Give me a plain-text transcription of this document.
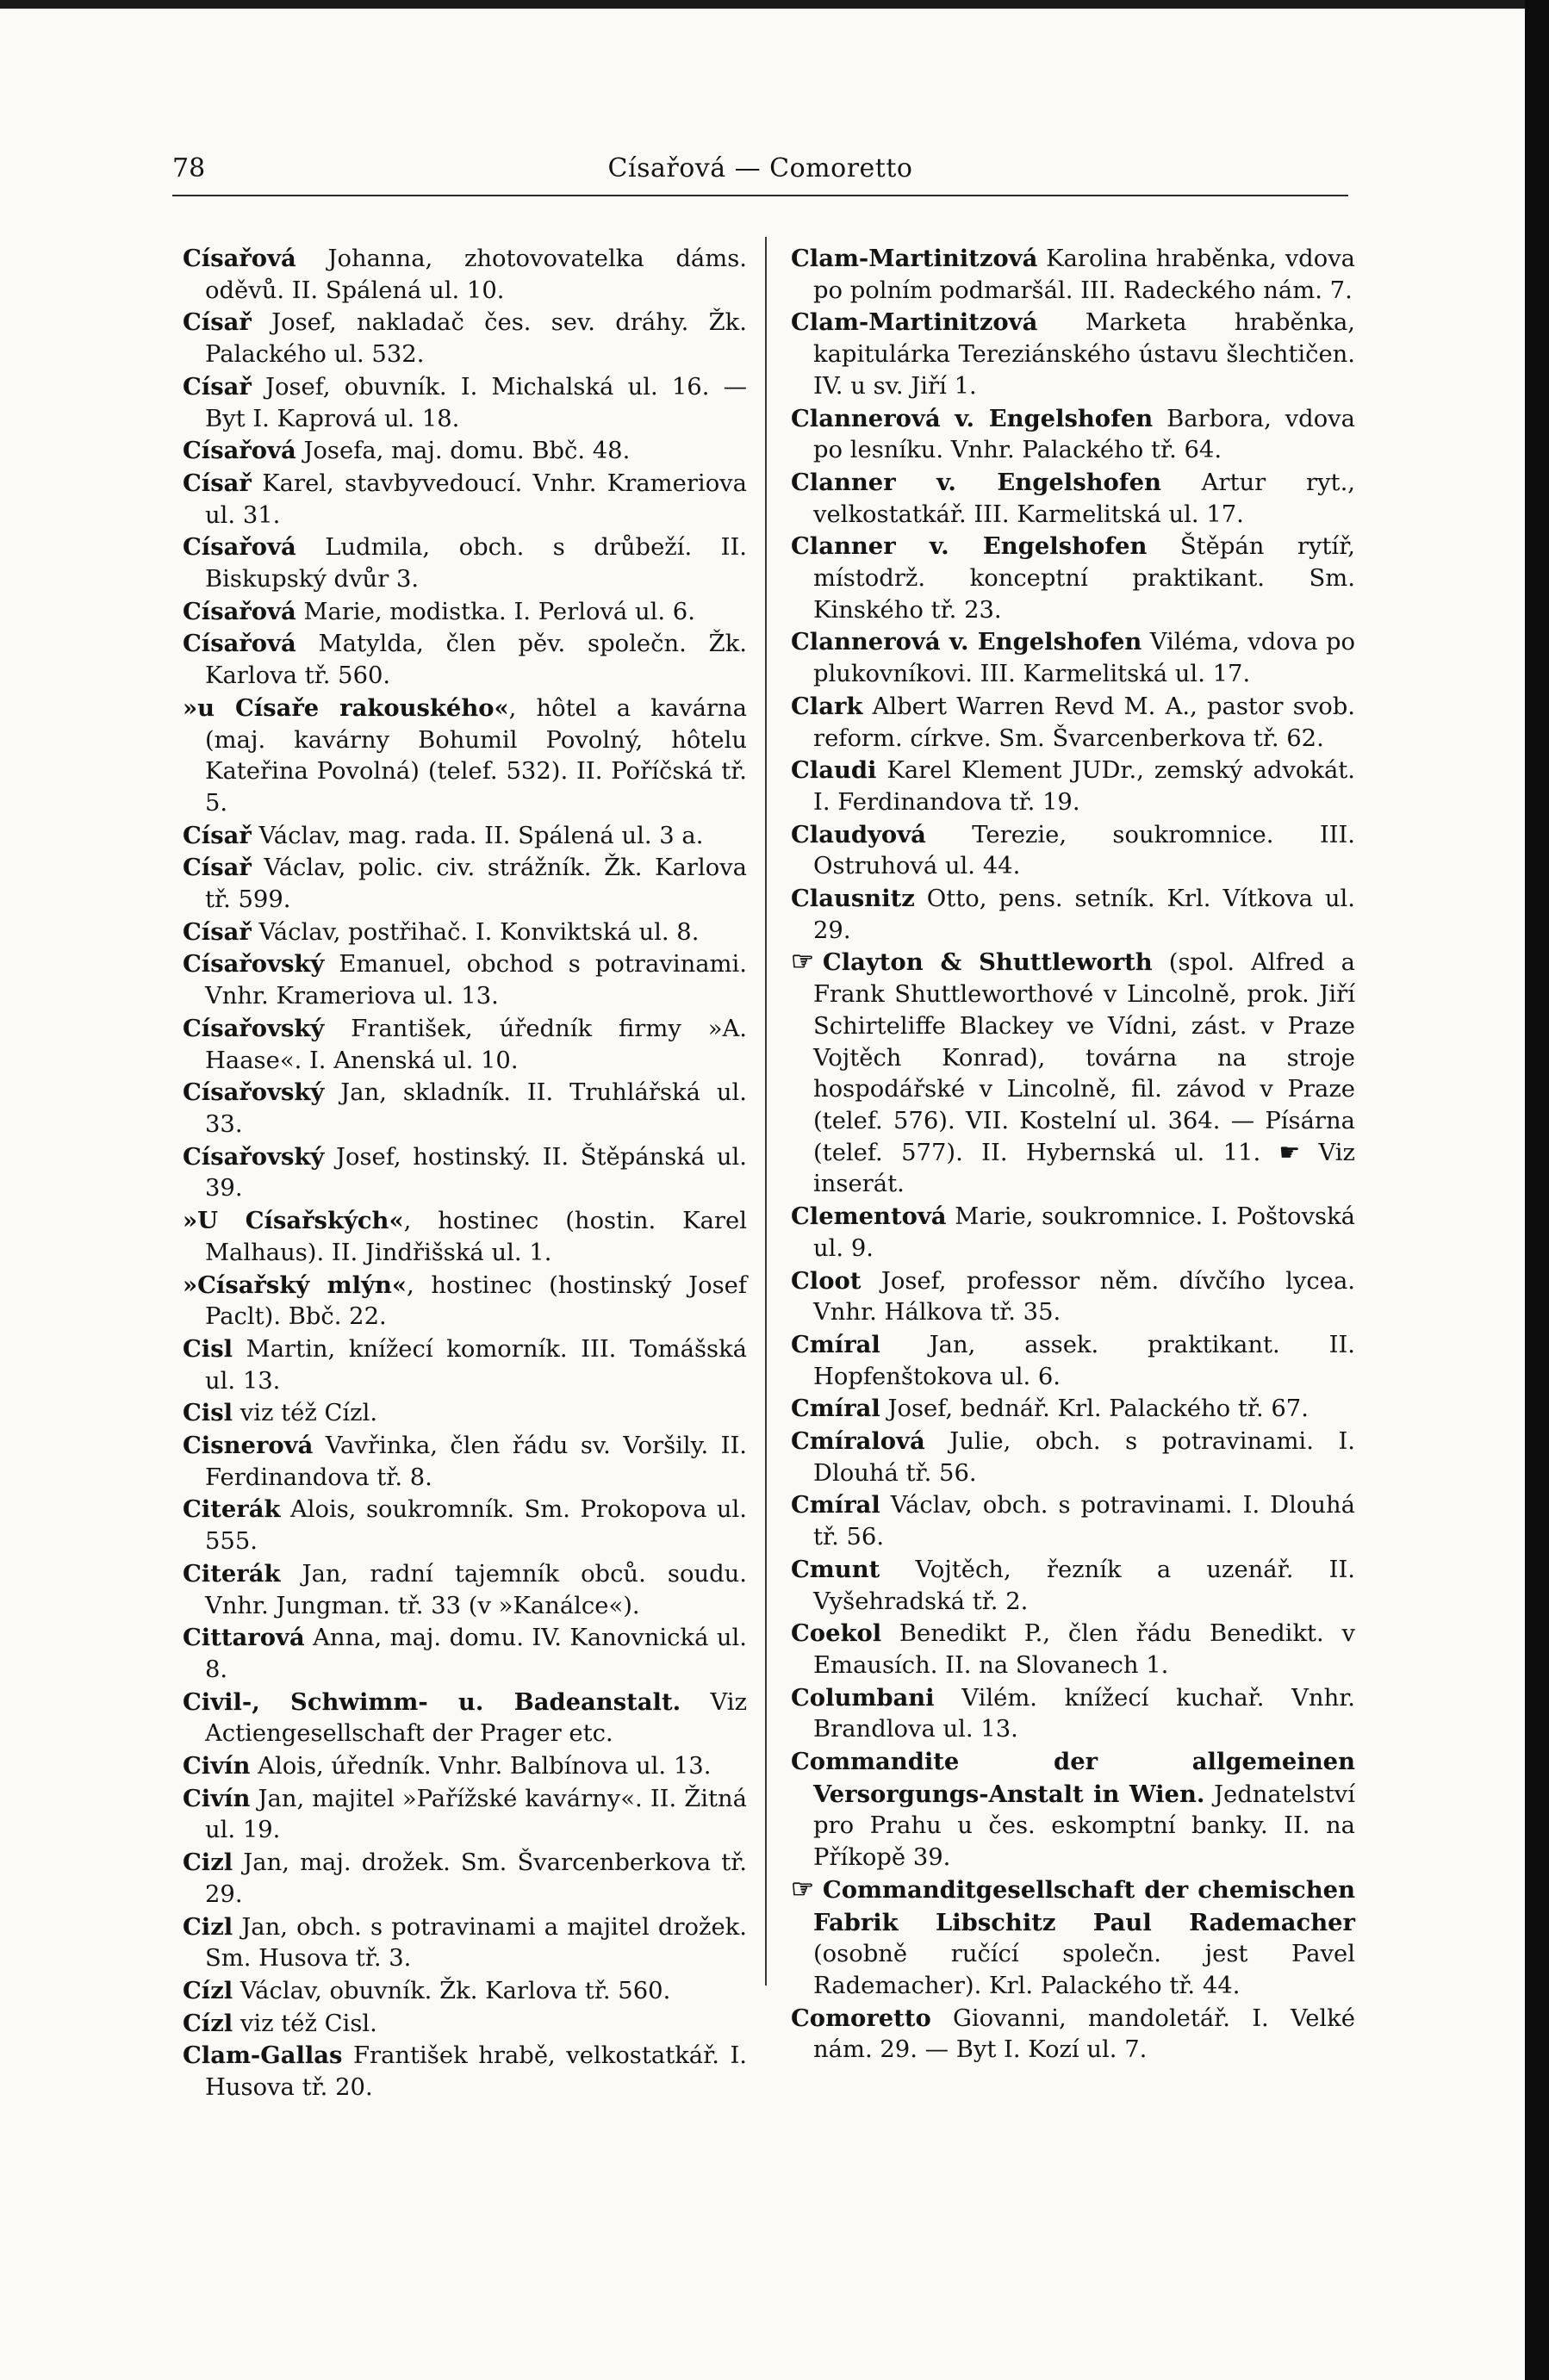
78	Císařová — Comoretto

Císařová Johanna, zhotovovatelka dáms. oděvů. II. Spálená ul. 10.

Císař Josef, nakladač čes. sev. dráhy. Žk. Palackého ul. 532.

Císař Josef, obuvník. I. Michalská ul. 16. — Byt I. Kaprová ul. 18.

Císařová Josefa, maj. domu. Bbč. 48.

Císař Karel, stavbyvedoucí. Vnhr. Krameriova ul. 31.

Císařová Ludmila, obch. s drůbeží. II. Biskupský dvůr 3.

Císařová Marie, modistka. I. Perlová ul. 6.

Císařová Matylda, člen pěv. společn. Žk. Karlova tř. 560.

»u Císaře rakouského«, hôtel a kavárna (maj. kavárny Bohumil Povolný, hôtelu Kateřina Povolná) (telef. 532). II. Poříčská tř. 5.

Císař Václav, mag. rada. II. Spálená ul. 3 a.

Císař Václav, polic. civ. strážník. Žk. Karlova tř. 599.

Císař Václav, postřihač. I. Konviktská ul. 8.

Císařovský Emanuel, obchod s potravinami. Vnhr. Krameriova ul. 13.

Císařovský František, úředník firmy »A. Haase«. I. Anenská ul. 10.

Císařovský Jan, skladník. II. Truhlářská ul. 33.

Císařovský Josef, hostinský. II. Štěpánská ul. 39.

»U Císařských«, hostinec (hostin. Karel Malhaus). II. Jindřišská ul. 1.

»Císařský mlýn«, hostinec (hostinský Josef Paclt). Bbč. 22.

Cisl Martin, knížecí komorník. III. Tomášská ul. 13.

Cisl viz též Cízl.

Cisnerová Vavřinka, člen řádu sv. Voršily. II. Ferdinandova tř. 8.

Citerák Alois, soukromník. Sm. Prokopova ul. 555.

Citerák Jan, radní tajemník obců. soudu. Vnhr. Jungman. tř. 33 (v »Kanálce«).

Cittarová Anna, maj. domu. IV. Kanovnická ul. 8.

Civil-, Schwimm- u. Badeanstalt. Viz Actiengesellschaft der Prager etc.

Civín Alois, úředník. Vnhr. Balbínova ul. 13.

Civín Jan, majitel »Pařížské kavárny«. II. Žitná ul. 19.

Cizl Jan, maj. drožek. Sm. Švarcenberkova tř. 29.

Cizl Jan, obch. s potravinami a majitel drožek. Sm. Husova tř. 3.

Cízl Václav, obuvník. Žk. Karlova tř. 560.

Cízl viz též Cisl.

Clam-Gallas František hrabě, velkostatkář. I. Husova tř. 20.

Clam-Martinitzová Karolina hraběnka, vdova po polním podmaršál. III. Radeckého nám. 7.

Clam-Martinitzová Marketa hraběnka, kapitulárka Tereziánského ústavu šlechtičen. IV. u sv. Jiří 1.

Clannerová v. Engelshofen Barbora, vdova po lesníku. Vnhr. Palackého tř. 64.

Clanner v. Engelshofen Artur ryt., velkostatkář. III. Karmelitská ul. 17.

Clanner v. Engelshofen Štěpán rytíř, místodrž. konceptní praktikant. Sm. Kinského tř. 23.

Clannerová v. Engelshofen Viléma, vdova po plukovníkovi. III. Karmelitská ul. 17.

Clark Albert Warren Revd M. A., pastor svob. reform. církve. Sm. Švarcenberkova tř. 62.

Claudi Karel Klement JUDr., zemský advokát. I. Ferdinandova tř. 19.

Claudyová Terezie, soukromnice. III. Ostruhová ul. 44.

Clausnitz Otto, pens. setník. Krl. Vítkova ul. 29.

☞ Clayton & Shuttleworth (spol. Alfred a Frank Shuttleworthové v Lincolně, prok. Jiří Schirteliffe Blackey ve Vídni, zást. v Praze Vojtěch Konrad), továrna na stroje hospodářské v Lincolně, fil. závod v Praze (telef. 576). VII. Kostelní ul. 364. — Písárna (telef. 577). II. Hybernská ul. 11. ☛ Viz inserát.

Clementová Marie, soukromnice. I. Poštovská ul. 9.

Cloot Josef, professor něm. dívčího lycea. Vnhr. Hálkova tř. 35.

Cmíral Jan, assek. praktikant. II. Hopfenštokova ul. 6.

Cmíral Josef, bednář. Krl. Palackého tř. 67.

Cmíralová Julie, obch. s potravinami. I. Dlouhá tř. 56.

Cmíral Václav, obch. s potravinami. I. Dlouhá tř. 56.

Cmunt Vojtěch, řezník a uzenář. II. Vyšehradská tř. 2.

Coekol Benedikt P., člen řádu Benedikt. v Emausích. II. na Slovanech 1.

Columbani Vilém. knížecí kuchař. Vnhr. Brandlova ul. 13.

Commandite der allgemeinen Versorgungs-Anstalt in Wien. Jednatelství pro Prahu u čes. eskomptní banky. II. na Příkopě 39.

☞ Commanditgesellschaft der chemischen Fabrik Libschitz Paul Rademacher (osobně ručící společn. jest Pavel Rademacher). Krl. Palackého tř. 44.

Comoretto Giovanni, mandoletář. I. Velké nám. 29. — Byt I. Kozí ul. 7.
